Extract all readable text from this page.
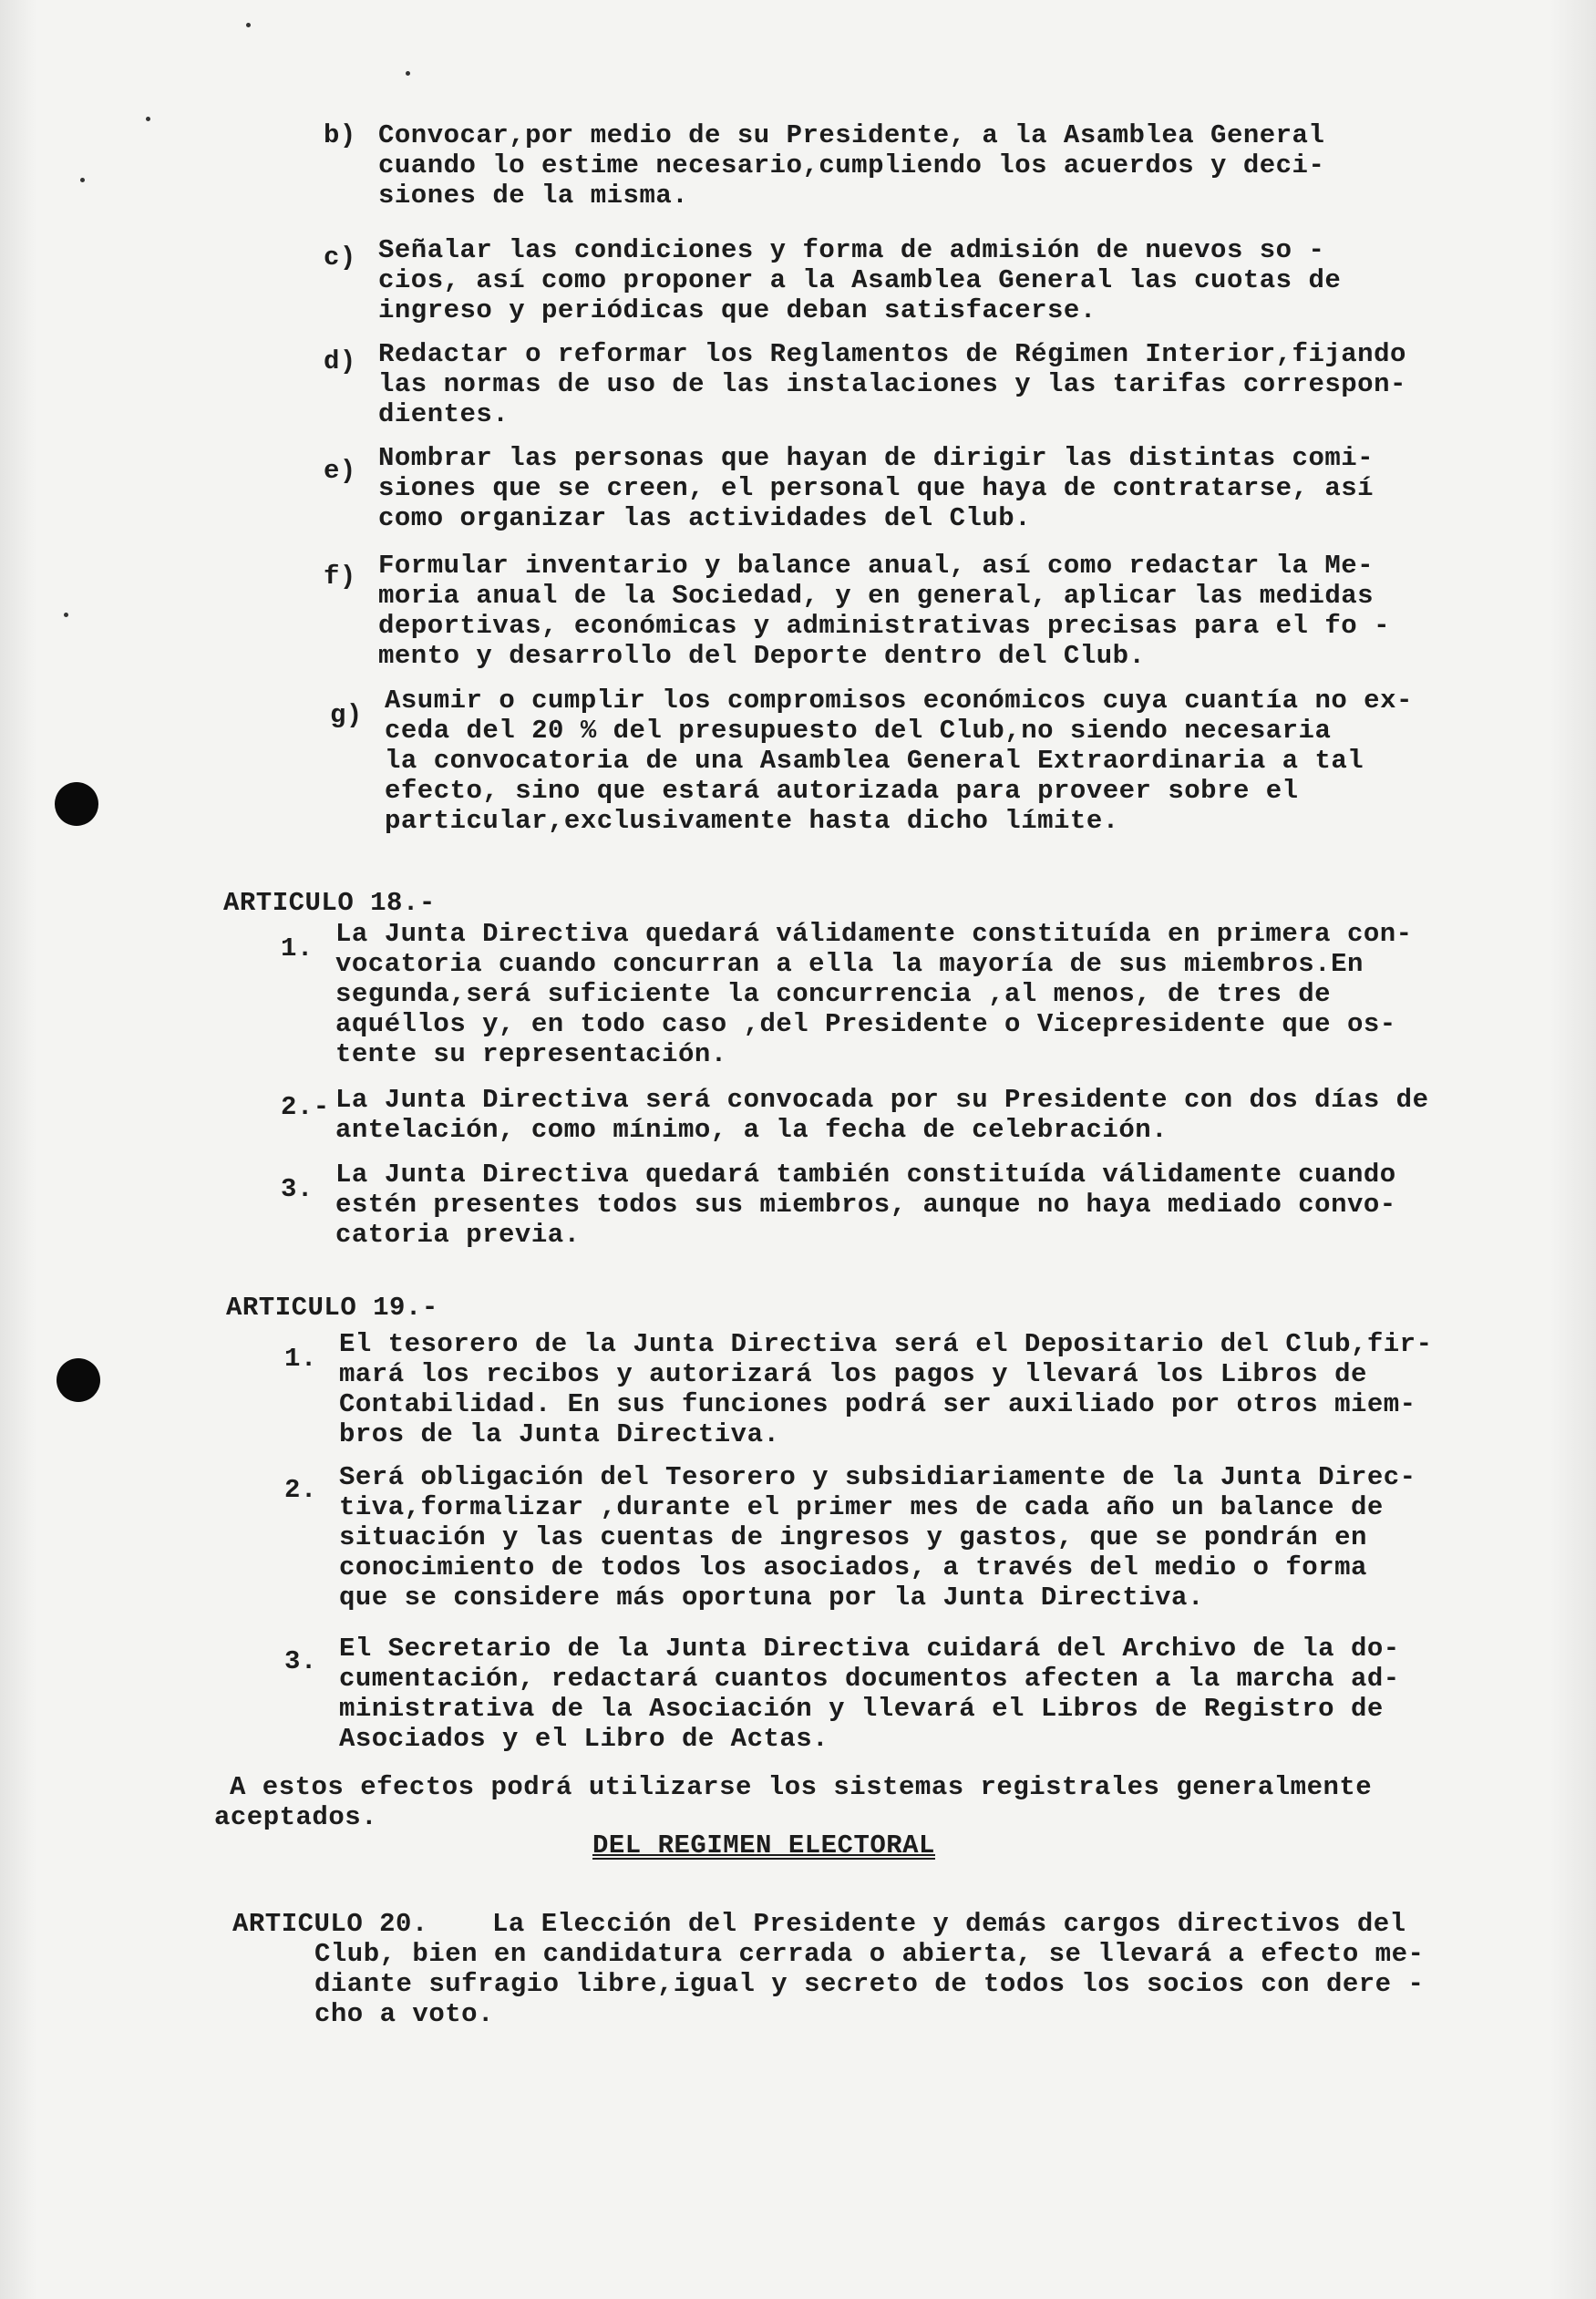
b) Convocar,por medio de su Presidente, a la Asamblea General
cuando lo estime necesario,cumpliendo los acuerdos y deci-
siones de la misma.
c) Señalar las condiciones y forma de admisión de nuevos so -
cios, así como proponer a la Asamblea General las cuotas de
ingreso y periódicas que deban satisfacerse.
d) Redactar o reformar los Reglamentos de Régimen Interior,fijando
las normas de uso de las instalaciones y las tarifas correspon-
dientes.
e) Nombrar las personas que hayan de dirigir las distintas comi-
siones que se creen, el personal que haya de contratarse, así
como organizar las actividades del Club.
f) Formular inventario y balance anual, así como redactar la Me-
moria anual de la Sociedad, y en general, aplicar las medidas
deportivas, económicas y administrativas precisas para el fo -
mento y desarrollo del Deporte dentro del Club.
g) Asumir o cumplir los compromisos económicos cuya cuantía no ex-
ceda del 20 % del presupuesto del Club,no siendo necesaria
la convocatoria de una Asamblea General Extraordinaria a tal
efecto, sino que estará autorizada para proveer sobre el
particular,exclusivamente hasta dicho límite.
ARTICULO 18.-
1. La Junta Directiva quedará válidamente constituída en primera con-
vocatoria cuando concurran a ella la mayoría de sus miembros.En
segunda,será suficiente la concurrencia ,al menos, de tres de
aquéllos y, en todo caso ,del Presidente o Vicepresidente que os-
tente su representación.
2.- La Junta Directiva será convocada por su Presidente con dos días de
antelación, como mínimo, a la fecha de celebración.
3. La Junta Directiva quedará también constituída válidamente cuando
estén presentes todos sus miembros, aunque no haya mediado convo-
catoria previa.
ARTICULO 19.-
1. El tesorero de la Junta Directiva será el Depositario del Club,fir-
mará los recibos y autorizará los pagos y llevará los Libros de
Contabilidad. En sus funciones podrá ser auxiliado por otros miem-
bros de la Junta Directiva.
2. Será obligación del Tesorero y subsidiariamente de la Junta Direc-
tiva,formalizar ,durante el primer mes de cada año un balance de
situación y las cuentas de ingresos y gastos, que se pondrán en
conocimiento de todos los asociados, a través del medio o forma
que se considere más oportuna por la Junta Directiva.
3. El Secretario de la Junta Directiva cuidará del Archivo de la do-
cumentación, redactará cuantos documentos afecten a la marcha ad-
ministrativa de la Asociación y llevará el Libros de Registro de
Asociados y el Libro de Actas.
A estos efectos podrá utilizarse los sistemas registrales generalmente
aceptados.
DEL REGIMEN ELECTORAL
ARTICULO 20.	La Elección del Presidente y demás cargos directivos del
Club, bien en candidatura cerrada o abierta, se llevará a efecto me-
diante sufragio libre,igual y secreto de todos los socios con dere -
cho a voto.
